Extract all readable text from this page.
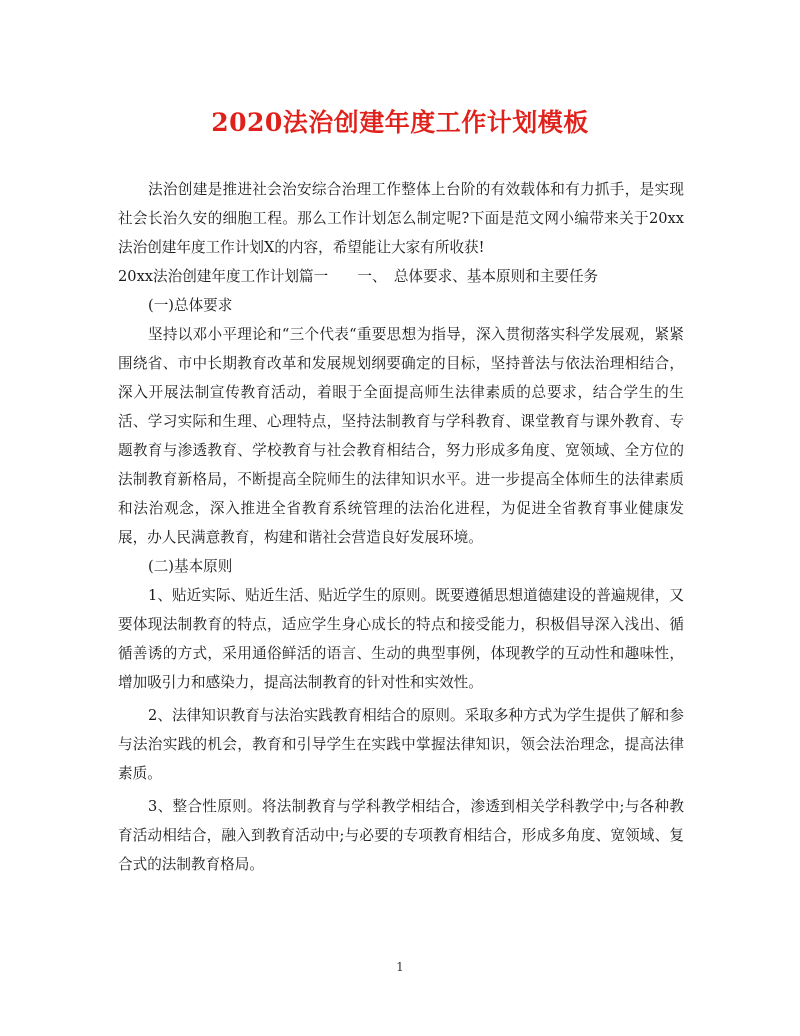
2020法治创建年度工作计划模板

法治创建是推进社会治安综合治理工作整体上台阶的有效载体和有力抓手，是实现社会长治久安的细胞工程。那么工作计划怎么制定呢?下面是范文网小编带来关于20xx法治创建年度工作计划X的内容，希望能让大家有所收获!

20xx法治创建年度工作计划篇一　　一、　总体要求、基本原则和主要任务

(一)总体要求

坚持以邓小平理论和“三个代表“重要思想为指导，深入贯彻落实科学发展观，紧紧围绕省、市中长期教育改革和发展规划纲要确定的目标，坚持普法与依法治理相结合，深入开展法制宣传教育活动，着眼于全面提高师生法律素质的总要求，结合学生的生活、学习实际和生理、心理特点，坚持法制教育与学科教育、课堂教育与课外教育、专题教育与渗透教育、学校教育与社会教育相结合，努力形成多角度、宽领域、全方位的法制教育新格局，不断提高全院师生的法律知识水平。进一步提高全体师生的法律素质和法治观念，深入推进全省教育系统管理的法治化进程，为促进全省教育事业健康发展，办人民满意教育，构建和谐社会营造良好发展环境。

(二)基本原则

1、贴近实际、贴近生活、贴近学生的原则。既要遵循思想道德建设的普遍规律，又要体现法制教育的特点，适应学生身心成长的特点和接受能力，积极倡导深入浅出、循循善诱的方式，采用通俗鲜活的语言、生动的典型事例，体现教学的互动性和趣味性，增加吸引力和感染力，提高法制教育的针对性和实效性。

2、法律知识教育与法治实践教育相结合的原则。采取多种方式为学生提供了解和参与法治实践的机会，教育和引导学生在实践中掌握法律知识，领会法治理念，提高法律素质。

3、整合性原则。将法制教育与学科教学相结合，渗透到相关学科教学中;与各种教育活动相结合，融入到教育活动中;与必要的专项教育相结合，形成多角度、宽领域、复合式的法制教育格局。

1
